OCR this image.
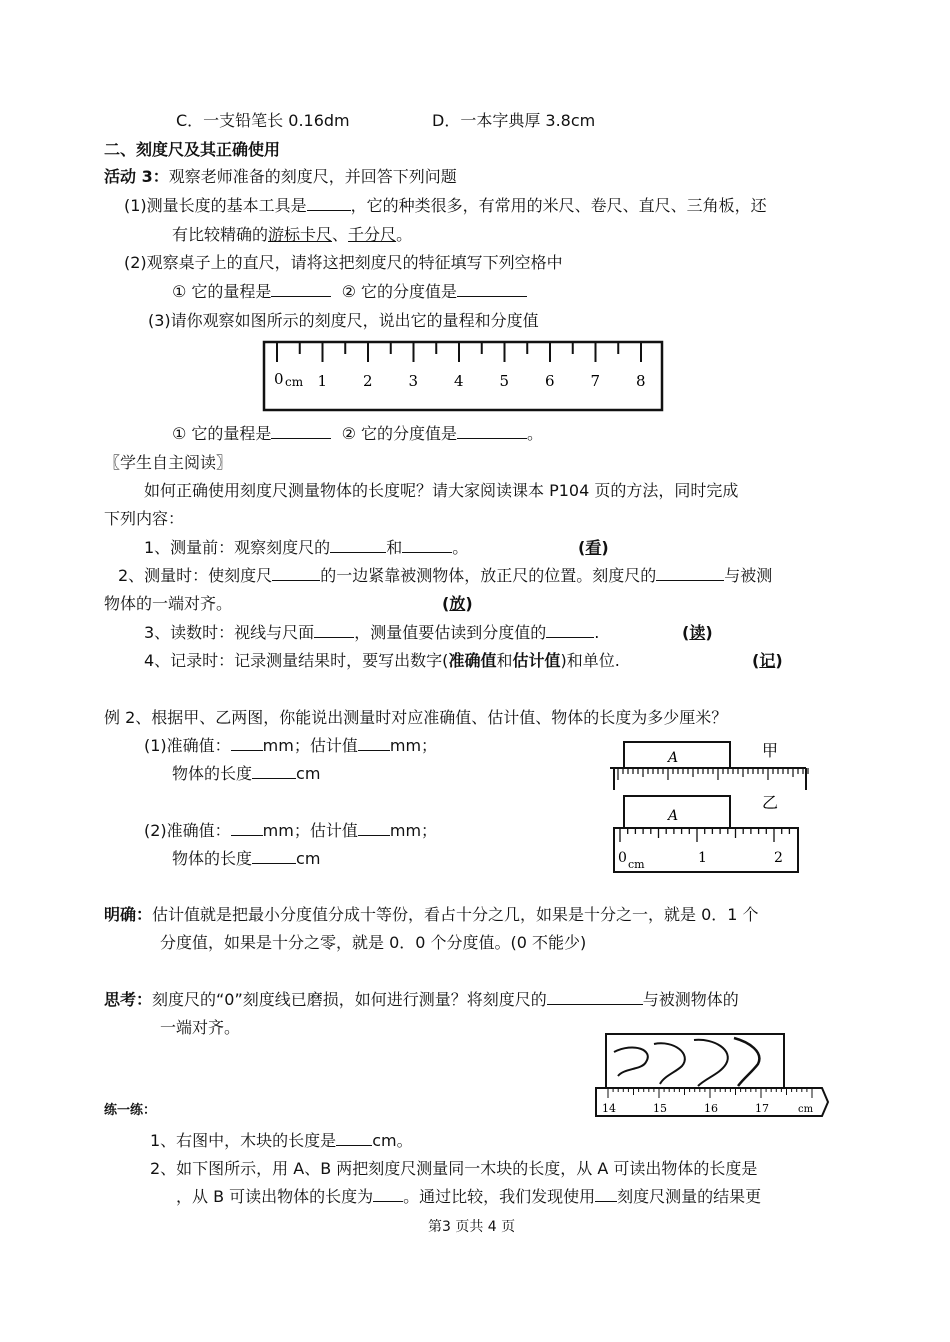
C．一支铅笔长 0.16dm	D．一本字典厚 3.8cm
二、刻度尺及其正确使用
活动 3：观察老师准备的刻度尺，并回答下列问题
(1)测量长度的基本工具是	，它的种类很多，有常用的米尺、卷尺、直尺、三角板，还
有比较精确的游标卡尺、千分尺。
(2)观察桌子上的直尺，请将这把刻度尺的特征填写下列空格中
① 它的量程是	② 它的分度值是
(3)请你观察如图所示的刻度尺，说出它的量程和分度值
0 cm 1 2 3 4 5 6 7 8
① 它的量程是	② 它的分度值是	。
〖学生自主阅读〗
如何正确使用刻度尺测量物体的长度呢？请大家阅读课本 P104 页的方法，同时完成
下列内容：
1、测量前：观察刻度尺的	和	。	(看)
2、测量时：使刻度尺	的一边紧靠被测物体，放正尺的位置。刻度尺的	与被测
物体的一端对齐。	(放)
3、读数时：视线与尺面	，测量值要估读到分度值的	.	(读)
4、记录时：记录测量结果时，要写出数字(准确值和估计值)和单位.	(记)
例 2、根据甲、乙两图，你能说出测量时对应准确值、估计值、物体的长度为多少厘米？
(1)准确值： mm；估计值 mm；
物体的长度	cm
(2)准确值： mm；估计值 mm；
物体的长度	cm
A	甲
A
0 cm	1	2
乙
明确：估计值就是把最小分度值分成十等份，看占十分之几，如果是十分之一，就是 0．1 个
分度值，如果是十分之零，就是 0．0 个分度值。(0 不能少)
思考：刻度尺的“0”刻度线已磨损，如何进行测量？将刻度尺的	与被测物体的
一端对齐。
14	15	16	17	cm
练一练：
1、右图中，木块的长度是 cm。
2、如下图所示，用 A、B 两把刻度尺测量同一木块的长度，从 A 可读出物体的长度是
，从 B 可读出物体的长度为 。通过比较，我们发现使用 刻度尺测量的结果更
第3 页共 4 页
